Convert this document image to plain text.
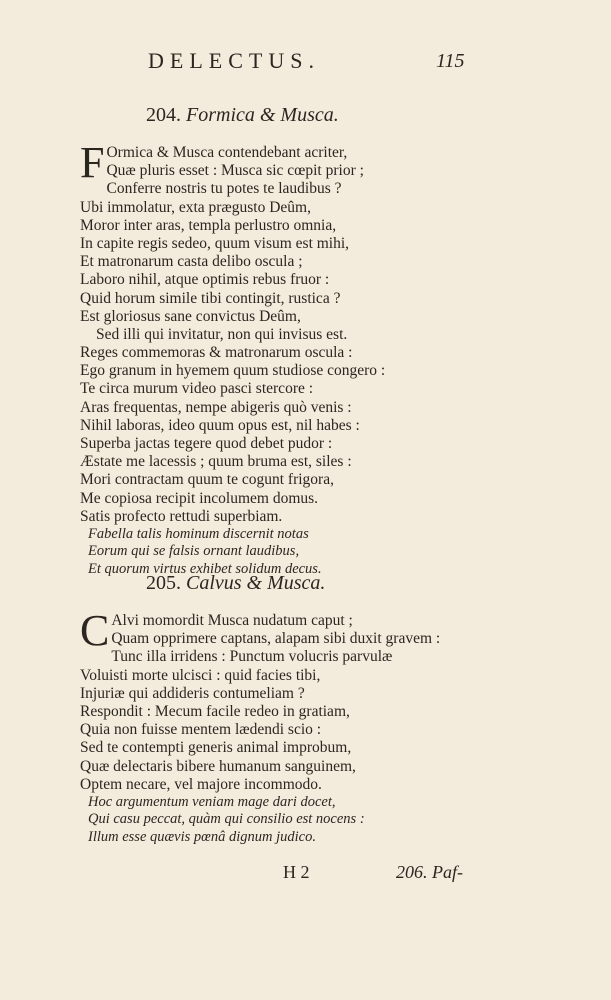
DELECTUS.	115
204. Formica & Musca.
F Ormica & Musca contendebant acriter,
Quæ pluris esset : Musca sic cœpit prior ;
Conferre nostris tu potes te laudibus ?
Ubi immolatur, exta prægusto Deûm,
Moror inter aras, templa perlustro omnia,
In capite regis sedeo, quum visum est mihi,
Et matronarum casta delibo oscula ;
Laboro nihil, atque optimis rebus fruor :
Quid horum simile tibi contingit, rustica ?
Est gloriosus sane convictus Deûm,
Sed illi qui invitatur, non qui invisus est.
Reges commemoras & matronarum oscula :
Ego granum in hyemem quum studiose congero :
Te circa murum video pasci stercore :
Aras frequentas, nempe abigeris quò venis :
Nihil laboras, ideo quum opus est, nil habes :
Superba jactas tegere quod debet pudor :
Æstate me lacessis ; quum bruma est, siles :
Mori contractam quum te cogunt frigora,
Me copiosa recipit incolumem domus.
Satis profecto rettudi superbiam.
Fabella talis hominum discernit notas
Eorum qui se falsis ornant laudibus,
Et quorum virtus exhibet solidum decus.
205. Calvus & Musca.
C Alvi momordit Musca nudatum caput ;
Quam opprimere captans, alapam sibi duxit gravem :
Tunc illa irridens : Punctum volucris parvulæ
Voluisti morte ulcisci : quid facies tibi,
Injuriæ qui addideris contumeliam ?
Respondit : Mecum facile redeo in gratiam,
Quia non fuisse mentem lædendi scio :
Sed te contempti generis animal improbum,
Quæ delectaris bibere humanum sanguinem,
Optem necare, vel majore incommodo.
Hoc argumentum veniam mage dari docet,
Qui casu peccat, quàm qui consilio est nocens :
Illum esse quævis pœnâ dignum judico.
H 2	206. Paf-
